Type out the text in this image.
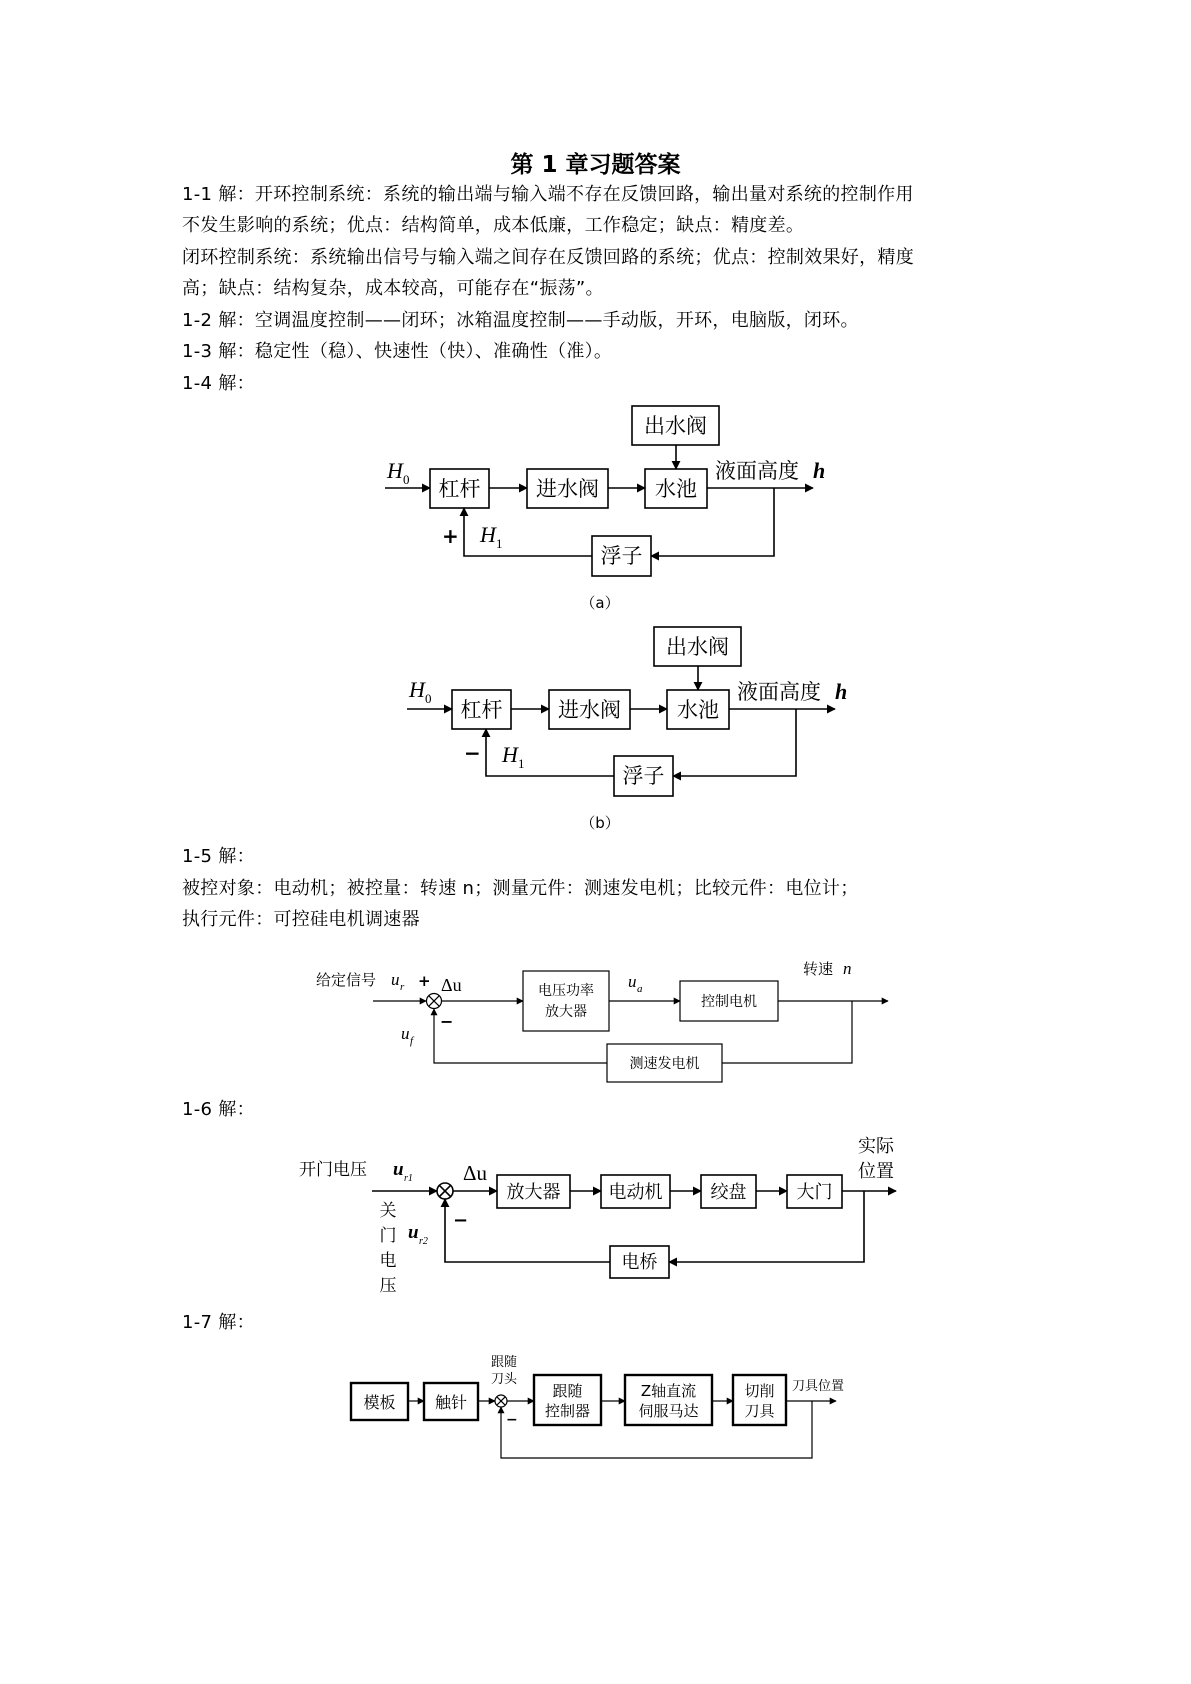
第 1 章习题答案
1-1 解：开环控制系统：系统的输出端与输入端不存在反馈回路，输出量对系统的控制作用
不发生影响的系统；优点：结构简单，成本低廉，工作稳定；缺点：精度差。
闭环控制系统：系统输出信号与输入端之间存在反馈回路的系统；优点：控制效果好，精度
高；缺点：结构复杂，成本较高，可能存在“振荡”。
1-2 解：空调温度控制——闭环；冰箱温度控制——手动版，开环，电脑版，闭环。
1-3 解：稳定性（稳）、快速性（快）、准确性（准）。
1-4 解：
H 0 杠杆	进水阀	水池
出水阀
液面高度 h
浮子
+ H 1
（a）
H 0 杠杆	进水阀	水池
出水阀
液面高度 h
浮子
− H 1
（b）
给定信号 u r + Δu
−
电压功率
放大器
u a
控制电机
转速 n
测速发电机
u f
开门电压 u r1 Δu
−
放大器	电动机	绞盘	大门
实际
位置
电桥
关
门
电
压
u r2
模板 触针
跟随
刀头
−
跟随
控制器
Z轴直流
伺服马达
切削
刀具
刀具位置
1-5 解：
被控对象：电动机；被控量：转速 n；测量元件：测速发电机；比较元件：电位计；
执行元件：可控硅电机调速器
1-6 解：
1-7 解：
